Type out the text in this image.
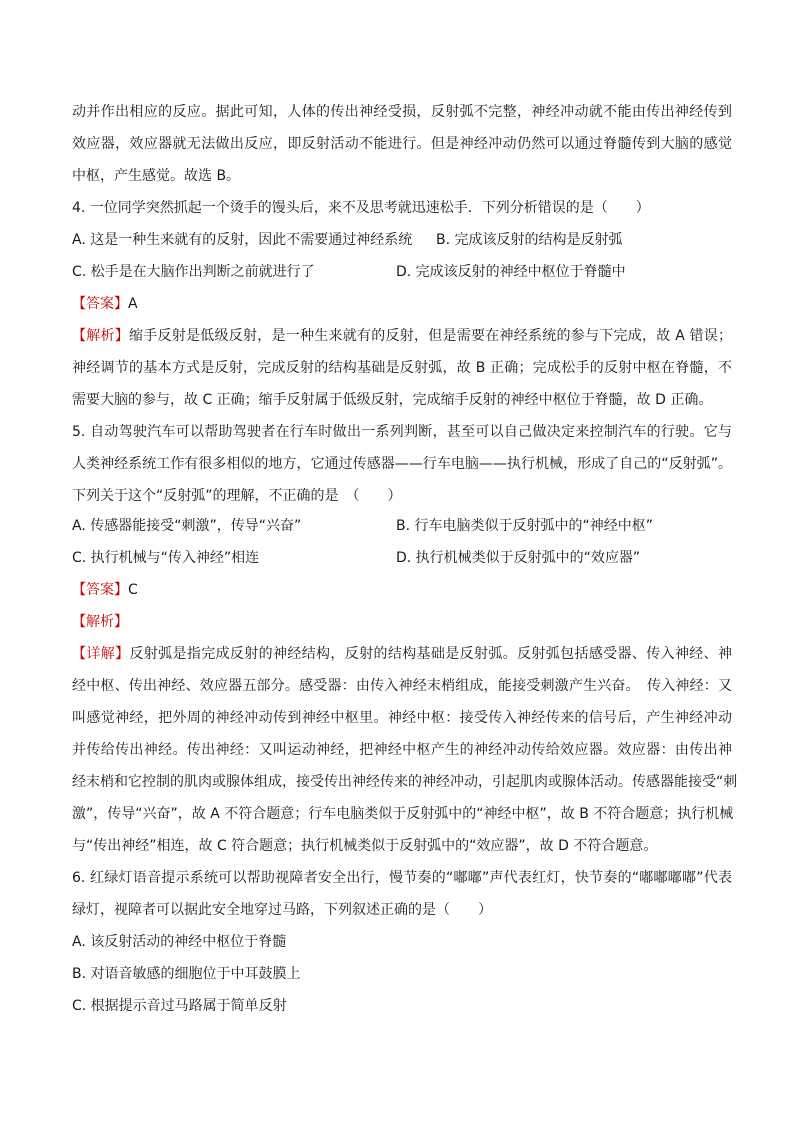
动并作出相应的反应。据此可知，人体的传出神经受损，反射弧不完整，神经冲动就不能由传出神经传到
效应器，效应器就无法做出反应，即反射活动不能进行。但是神经冲动仍然可以通过脊髓传到大脑的感觉
中枢，产生感觉。故选 B。
4. 一位同学突然抓起一个烫手的馒头后，来不及思考就迅速松手．下列分析错误的是（　　）
A. 这是一种生来就有的反射，因此不需要通过神经系统 B. 完成该反射的结构是反射弧
C. 松手是在大脑作出判断之前就进行了	D. 完成该反射的神经中枢位于脊髓中
【答案】A
【解析】缩手反射是低级反射，是一种生来就有的反射，但是需要在神经系统的参与下完成，故 A 错误；
神经调节的基本方式是反射，完成反射的结构基础是反射弧，故 B 正确；完成松手的反射中枢在脊髓，不
需要大脑的参与，故 C 正确；缩手反射属于低级反射，完成缩手反射的神经中枢位于脊髓，故 D 正确。
5. 自动驾驶汽车可以帮助驾驶者在行车时做出一系列判断，甚至可以自己做决定来控制汽车的行驶。它与
人类神经系统工作有很多相似的地方，它通过传感器——行车电脑——执行机械，形成了自己的“反射弧”。
下列关于这个“反射弧”的理解，不正确的是　（　　）
A. 传感器能接受“刺激”，传导“兴奋”	B. 行车电脑类似于反射弧中的“神经中枢”
C. 执行机械与“传入神经”相连	D. 执行机械类似于反射弧中的“效应器”
【答案】C
【解析】
【详解】反射弧是指完成反射的神经结构，反射的结构基础是反射弧。反射弧包括感受器、传入神经、神
经中枢、传出神经、效应器五部分。感受器：由传入神经末梢组成，能接受刺激产生兴奋。　传入神经：又
叫感觉神经，把外周的神经冲动传到神经中枢里。神经中枢：接受传入神经传来的信号后，产生神经冲动
并传给传出神经。传出神经：又叫运动神经，把神经中枢产生的神经冲动传给效应器。效应器：由传出神
经末梢和它控制的肌肉或腺体组成，接受传出神经传来的神经冲动，引起肌肉或腺体活动。传感器能接受“刺
激”，传导“兴奋”，故 A 不符合题意；行车电脑类似于反射弧中的“神经中枢”，故 B 不符合题意；执行机械
与“传出神经”相连，故 C 符合题意；执行机械类似于反射弧中的“效应器”，故 D 不符合题意。
6. 红绿灯语音提示系统可以帮助视障者安全出行，慢节奏的“嘟嘟”声代表红灯，快节奏的“嘟嘟嘟嘟”代表
绿灯，视障者可以据此安全地穿过马路，下列叙述正确的是（　　）
A. 该反射活动的神经中枢位于脊髓
B. 对语音敏感的细胞位于中耳鼓膜上
C. 根据提示音过马路属于简单反射
